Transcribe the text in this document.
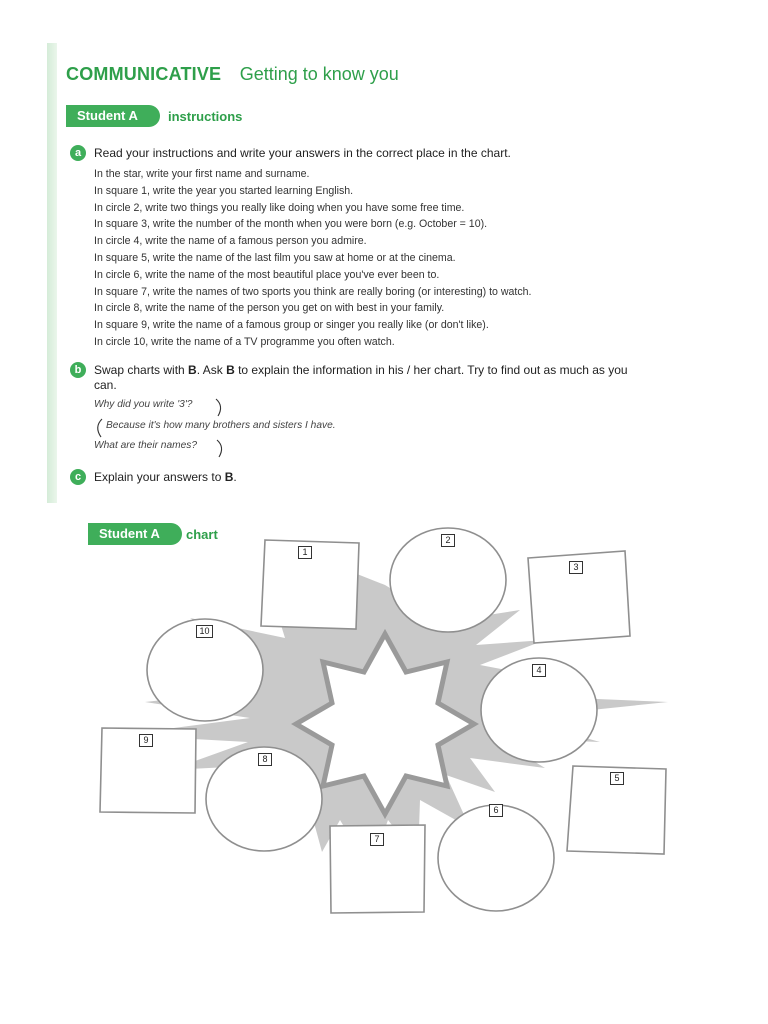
COMMUNICATIVE Getting to know you
Student A	instructions
a	Read your instructions and write your answers in the correct place in the chart.
In the star, write your first name and surname.
In square 1, write the year you started learning English.
In circle 2, write two things you really like doing when you have some free time.
In square 3, write the number of the month when you were born (e.g. October = 10).
In circle 4, write the name of a famous person you admire.
In square 5, write the name of the last film you saw at home or at the cinema.
In circle 6, write the name of the most beautiful place you've ever been to.
In square 7, write the names of two sports you think are really boring (or interesting) to watch.
In circle 8, write the name of the person you get on with best in your family.
In square 9, write the name of a famous group or singer you really like (or don't like).
In circle 10, write the name of a TV programme you often watch.
b	Swap charts with B. Ask B to explain the information in his / her chart. Try to find out as much as you can.
Why did you write '3'?
Because it's how many brothers and sisters I have.
What are their names?
c	Explain your answers to B.
Student A	chart
1
2
3
4
5
6
7
8
9
10
